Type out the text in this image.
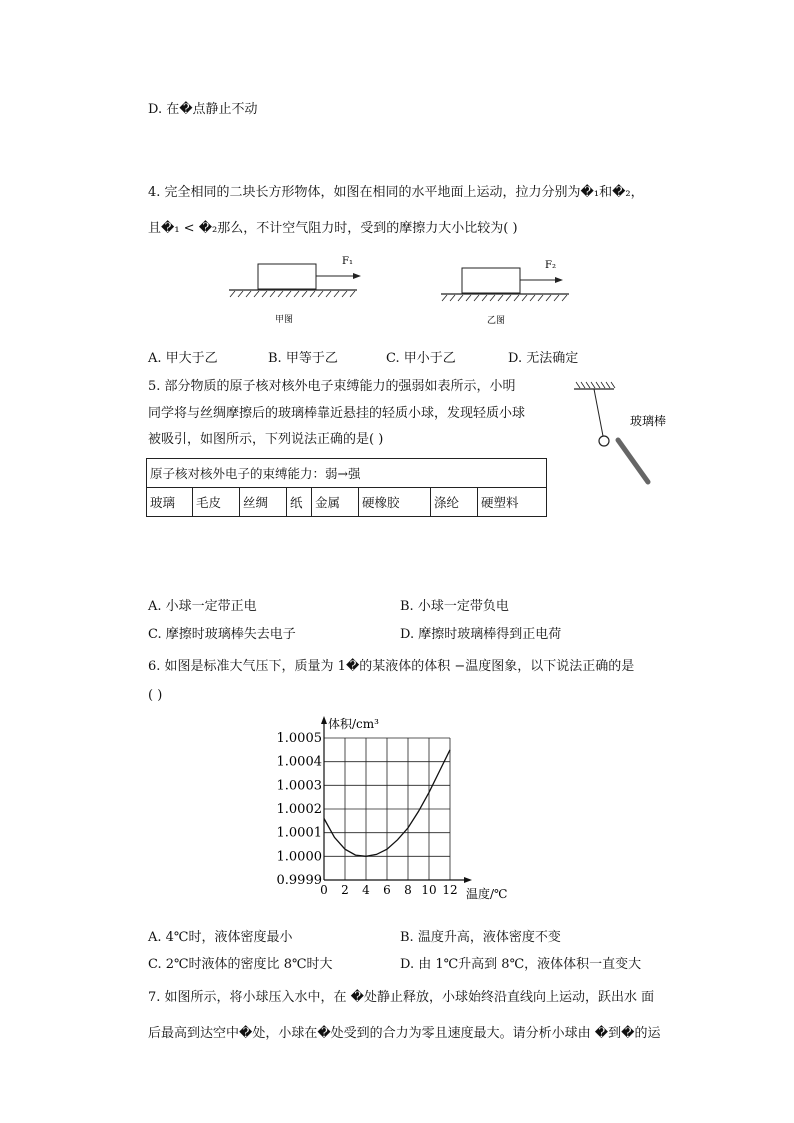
D. 在�点静止不动
4. 完全相同的二块长方形物体，如图在相同的水平地面上运动，拉力分别为�₁和�₂，
且�₁ < �₂那么，不计空气阻力时，受到的摩擦力大小比较为( )
F₁
甲图
F₂
乙图
A. 甲大于乙	B. 甲等于乙	C. 甲小于乙	D. 无法确定
5. 部分物质的原子核对核外电子束缚能力的强弱如表所示，小明
同学将与丝绸摩擦后的玻璃棒靠近悬挂的轻质小球，发现轻质小球
被吸引，如图所示，下列说法正确的是( )
玻璃棒
原子核对核外电子的束缚能力：弱→强
玻璃	毛皮	丝绸	纸	金属	硬橡胶	涤纶	硬塑料
A. 小球一定带正电	B. 小球一定带负电
C. 摩擦时玻璃棒失去电子	D. 摩擦时玻璃棒得到正电荷
6. 如图是标准大气压下，质量为 1�的某液体的体积 −温度图象，以下说法正确的是
( )
0 2 4 6 8 10 12
0.9999
1.0000
1.0001
1.0002
1.0003
1.0004
1.0005
体积/cm³
温度/℃
A. 4℃时，液体密度最小	B. 温度升高，液体密度不变
C. 2℃时液体的密度比 8℃时大	D. 由 1℃升高到 8℃，液体体积一直变大
7. 如图所示，将小球压入水中，在 �处静止释放，小球始终沿直线向上运动，跃出水 面
后最高到达空中�处，小球在�处受到的合力为零且速度最大。请分析小球由 �到�的运
